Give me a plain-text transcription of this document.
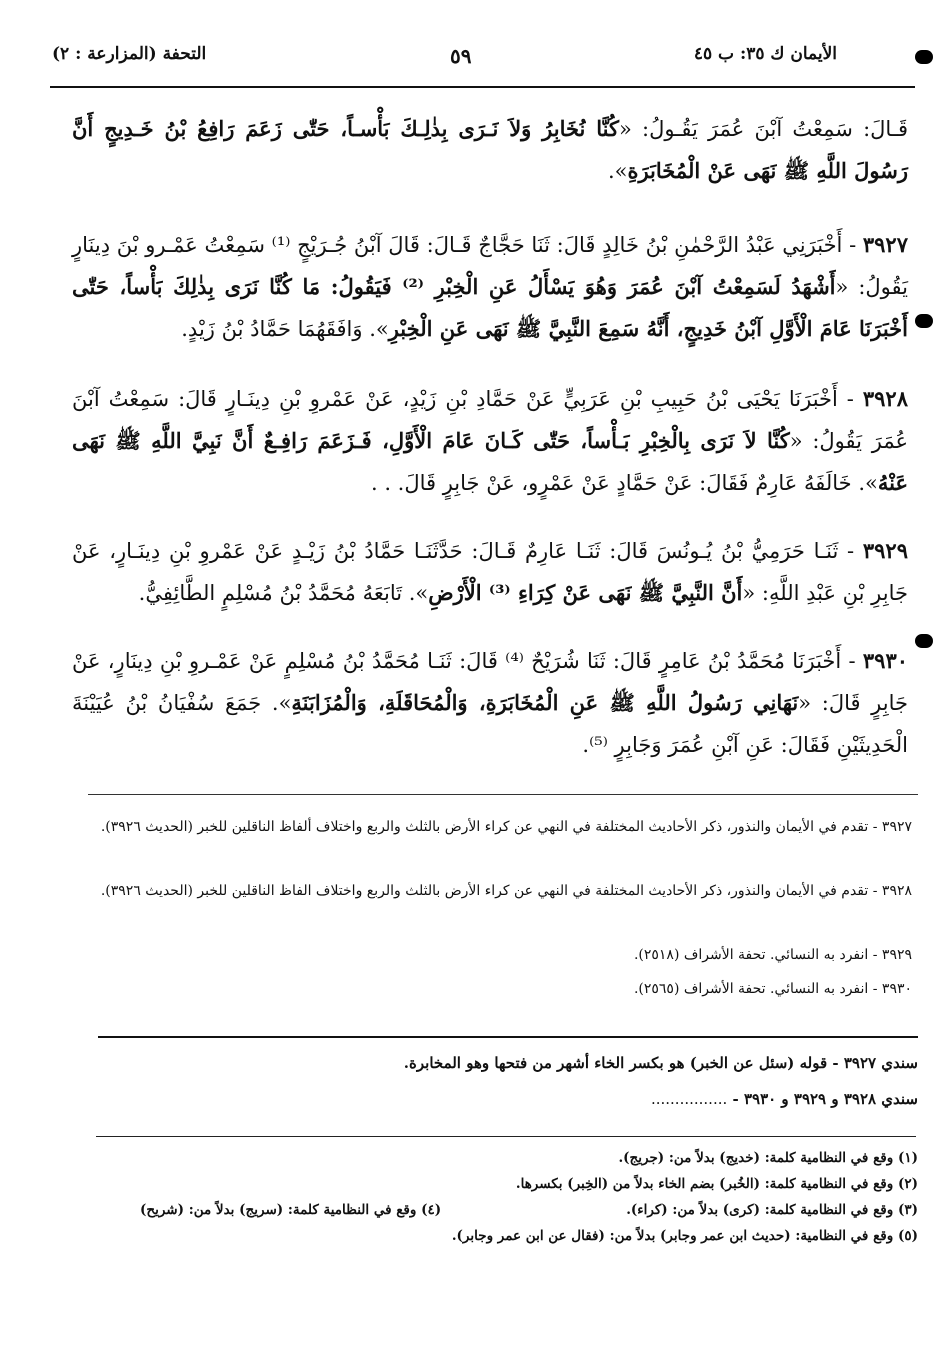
الأيمان ك ٣٥: ب ٤٥
٥٩
التحفة (المزارعة : ٢)

قَـالَ: سَمِعْتُ آبْنَ عُمَرَ يَقُـولُ: «كُنَّا نُخَابِرُ وَلاَ نَـرَى بِذٰلِـكَ بَأْسـاً، حَتّٰى زَعَمَ رَافِعُ بْنُ خَـدِيجٍ أَنَّ رَسُولَ اللَّهِ ﷺ نَهَى عَنْ الْمُخَابَرَةِ».

٣٩٢٧ - أَخْبَرَنِي عَبْدُ الرَّحْمٰنِ بْنُ خَالِدٍ قَالَ: ثَنَا حَجَّاجٌ قَـالَ: قَالَ آبْنُ جُـرَيْجٍ ⁽¹⁾ سَمِعْتُ عَمْـرو بْنَ دِينَارٍ يَقُولُ: «أَشْهَدُ لَسَمِعْتُ آبْنَ عُمَرَ وَهُوَ يَسْأَلُ عَنِ الْخِبْرِ ⁽²⁾ فَيَقُولُ: مَا كُنَّا نَرَى بِذٰلِكَ بَأْساً، حَتّٰى أَخْبَرَنَا عَامَ الْأَوَّلِ آبْنُ خَدِيجٍ، أَنَّهُ سَمِعَ النَّبِيَّ ﷺ نَهَى عَنِ الْخِبْرِ». وَافَقَهُمَا حَمَّادُ بْنُ زَيْدٍ.

٣٩٢٨ - أَخْبَرَنَا يَحْيَى بْنُ حَبِيبِ بْنِ عَرَبِيٍّ عَنْ حَمَّادِ بْنِ زَيْدٍ، عَنْ عَمْروِ بْنِ دِينَـارٍ قَالَ: سَمِعْتُ آبْنَ عُمَرَ يَقُولُ: «كُنَّا لاَ نَرَى بِالْخِبْرِ بَـأْساً، حَتّٰى كَـانَ عَامَ الْأَوَّلِ، فَـزَعَمَ رَافِـعٌ أَنَّ نَبِيَّ اللَّهِ ﷺ نَهَى عَنْهُ». خَالَفَهُ عَارِمٌ فَقَالَ: عَنْ حَمَّادٍ عَنْ عَمْرٍو، عَنْ جَابِرٍ قَالَ. . .

٣٩٢٩ - ثَنَـا حَرَمِيُّ بْنُ يُـونُسَ قَالَ: ثَنَـا عَارِمٌ قَـالَ: حَدَّثَنَـا حَمَّادُ بْنُ زَيْـدٍ عَنْ عَمْروِ بْنِ دِينَـارٍ، عَنْ جَابِرِ بْنِ عَبْدِ اللَّهِ: «أَنَّ النَّبِيَّ ﷺ نَهَى عَنْ كِرَاءِ ⁽³⁾ الْأَرْضِ». تَابَعَهُ مُحَمَّدُ بْنُ مُسْلِمٍ الطَّائِفِيُّ.

٣٩٣٠ - أَخْبَرَنَا مُحَمَّدُ بْنُ عَامِرٍ قَالَ: ثَنَا شُرَيْحٌ ⁽⁴⁾ قَالَ: ثَنَـا مُحَمَّدُ بْنُ مُسْلِمٍ عَنْ عَمْـروِ بْنِ دِينَارٍ، عَنْ جَابِرٍ قَالَ: «نَهَانِي رَسُولُ اللَّهِ ﷺ عَنِ الْمُخَابَرَةِ، وَالْمُحَاقَلَةِ، وَالْمُزَابَنَةِ». جَمَعَ سُفْيَانُ بْنُ عُيَيْنَةَ الْحَدِيثَيْنِ فَقَالَ: عَنِ آبْنِ عُمَرَ وَجَابِرٍ ⁽⁵⁾.

٣٩٢٧ - تقدم في الأيمان والنذور، ذكر الأحاديث المختلفة في النهي عن كراء الأرض بالثلث والربع واختلاف ألفاظ الناقلين للخبر (الحديث ٣٩٢٦).
٣٩٢٨ - تقدم في الأيمان والنذور، ذكر الأحاديث المختلفة في النهي عن كراء الأرض بالثلث والربع واختلاف الفاظ الناقلين للخبر (الحديث ٣٩٢٦).
٣٩٢٩ - انفرد به النسائي. تحفة الأشراف (٢٥١٨).
٣٩٣٠ - انفرد به النسائي. تحفة الأشراف (٢٥٦٥).
سندي ٣٩٢٧ - قوله (سئل عن الخبر) هو بكسر الخاء أشهر من فتحها وهو المخابرة.
سندي ٣٩٢٨ و ٣٩٢٩ و ٣٩٣٠ - ................
(١) وقع في النظامية كلمة: (خديج) بدلاً من: (جريج).
(٢) وقع في النظامية كلمة: (الخُبر) بضم الخاء بدلاً من (الخِبر) بكسرها.
(٣) وقع في النظامية كلمة: (كرى) بدلاً من: (كراء).
(٤) وقع في النظامية كلمة: (سريج) بدلاً من: (شريح)
(٥) وقع في النظامية: (حديث ابن عمر وجابر) بدلاً من: (فقال عن ابن عمر وجابر).
